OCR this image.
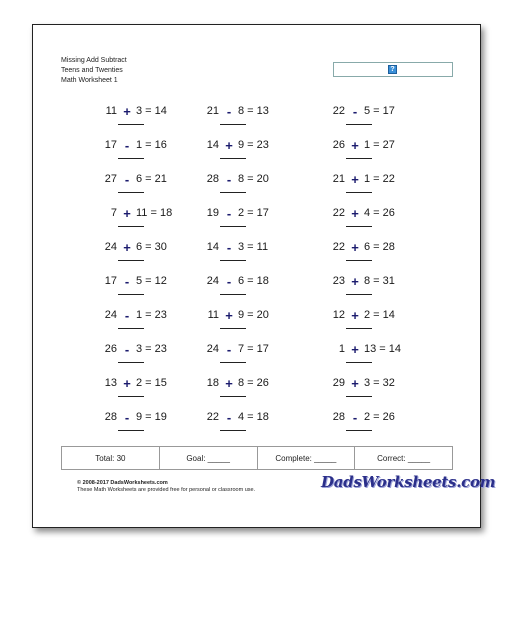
Missing Add Subtract
Teens and Twenties
Math Worksheet 1
?
11 + 3 = 14	21 - 8 = 13	22 - 5 = 17
17 - 1 = 16	14 + 9 = 23	26 + 1 = 27
27 - 6 = 21	28 - 8 = 20	21 + 1 = 22
7 + 11 = 18	19 - 2 = 17	22 + 4 = 26
24 + 6 = 30	14 - 3 = 11	22 + 6 = 28
17 - 5 = 12	24 - 6 = 18	23 + 8 = 31
24 - 1 = 23	11 + 9 = 20	12 + 2 = 14
26 - 3 = 23	24 - 7 = 17	1 + 13 = 14
13 + 2 = 15	18 + 8 = 26	29 + 3 = 32
28 - 9 = 19	22 - 4 = 18	28 - 2 = 26
Total: 30	Goal: _____	Complete: _____	Correct: _____
© 2008-2017 DadsWorksheets.com
These Math Worksheets are provided free for personal or classroom use.	DadsWorksheets.com
